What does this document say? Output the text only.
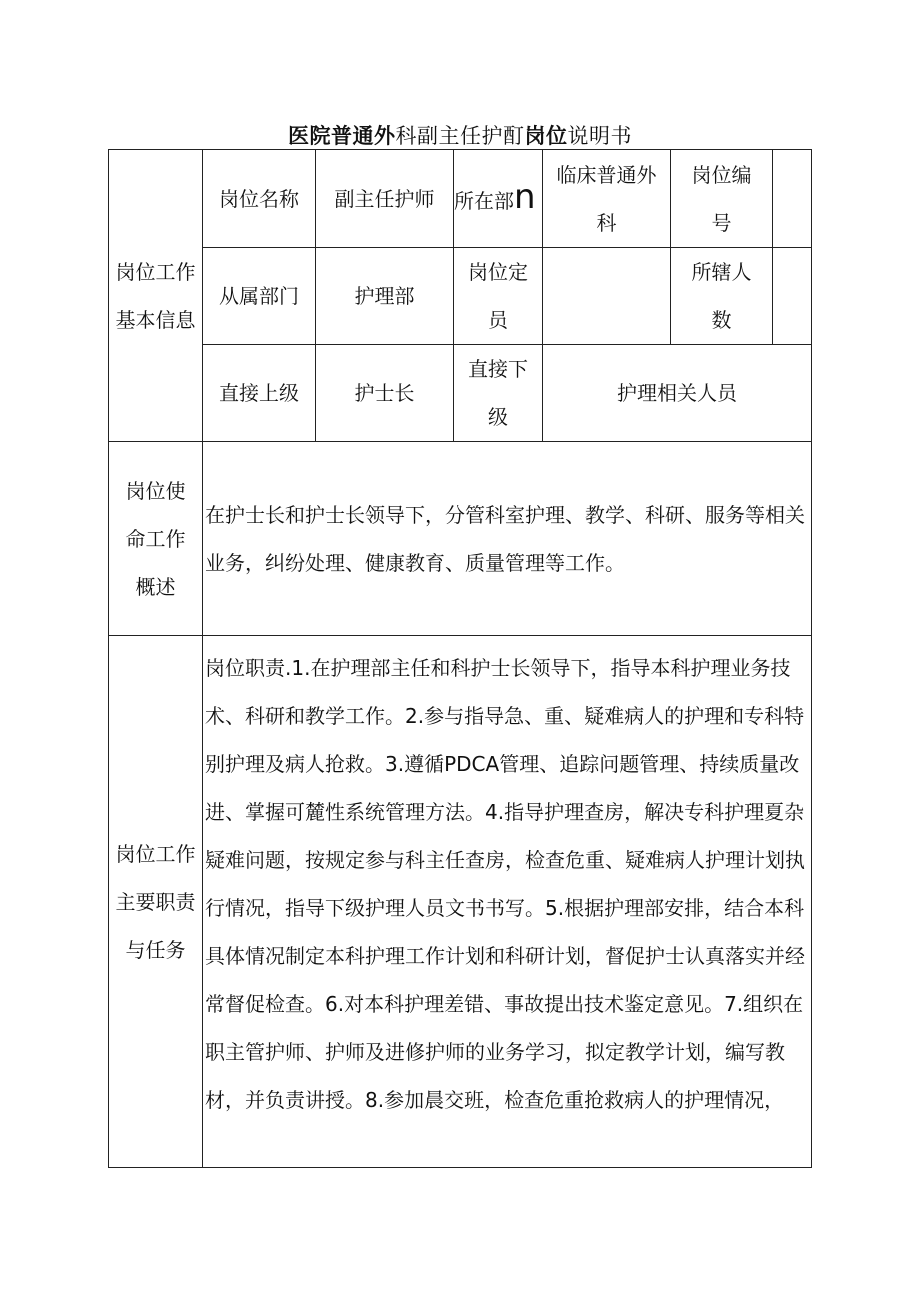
医院普通外科副主任护酊岗位说明书
岗位工作基本信息	岗位名称	副主任护师	所在部n	临床普通外科	岗位编号	
	从属部门	护理部	岗位定员		所辖人数	
	直接上级	护士长	直接下级	护理相关人员		
岗位使命工作概述	在护士长和护士长领导下，分管科室护理、教学、科研、服务等相关业务，纠纷处理、健康教育、质量管理等工作。					
岗位工作主要职责与任务	岗位职责.1.在护理部主任和科护士长领导下，指导本科护理业务技术、科研和教学工作。2.参与指导急、重、疑难病人的护理和专科特别护理及病人抢救。3.遵循PDCA管理、追踪问题管理、持续质量改进、掌握可麓性系统管理方法。4.指导护理查房，解决专科护理夏杂疑难问题，按规定参与科主任查房，检查危重、疑难病人护理计划执行情况，指导下级护理人员文书书写。5.根据护理部安排，结合本科具体情况制定本科护理工作计划和科研计划，督促护士认真落实并经常督促检查。6.对本科护理差错、事故提出技术鉴定意见。7.组织在职主管护师、护师及进修护师的业务学习，拟定教学计划，编写教材，并负责讲授。8.参加晨交班，检查危重抢救病人的护理情况，					
